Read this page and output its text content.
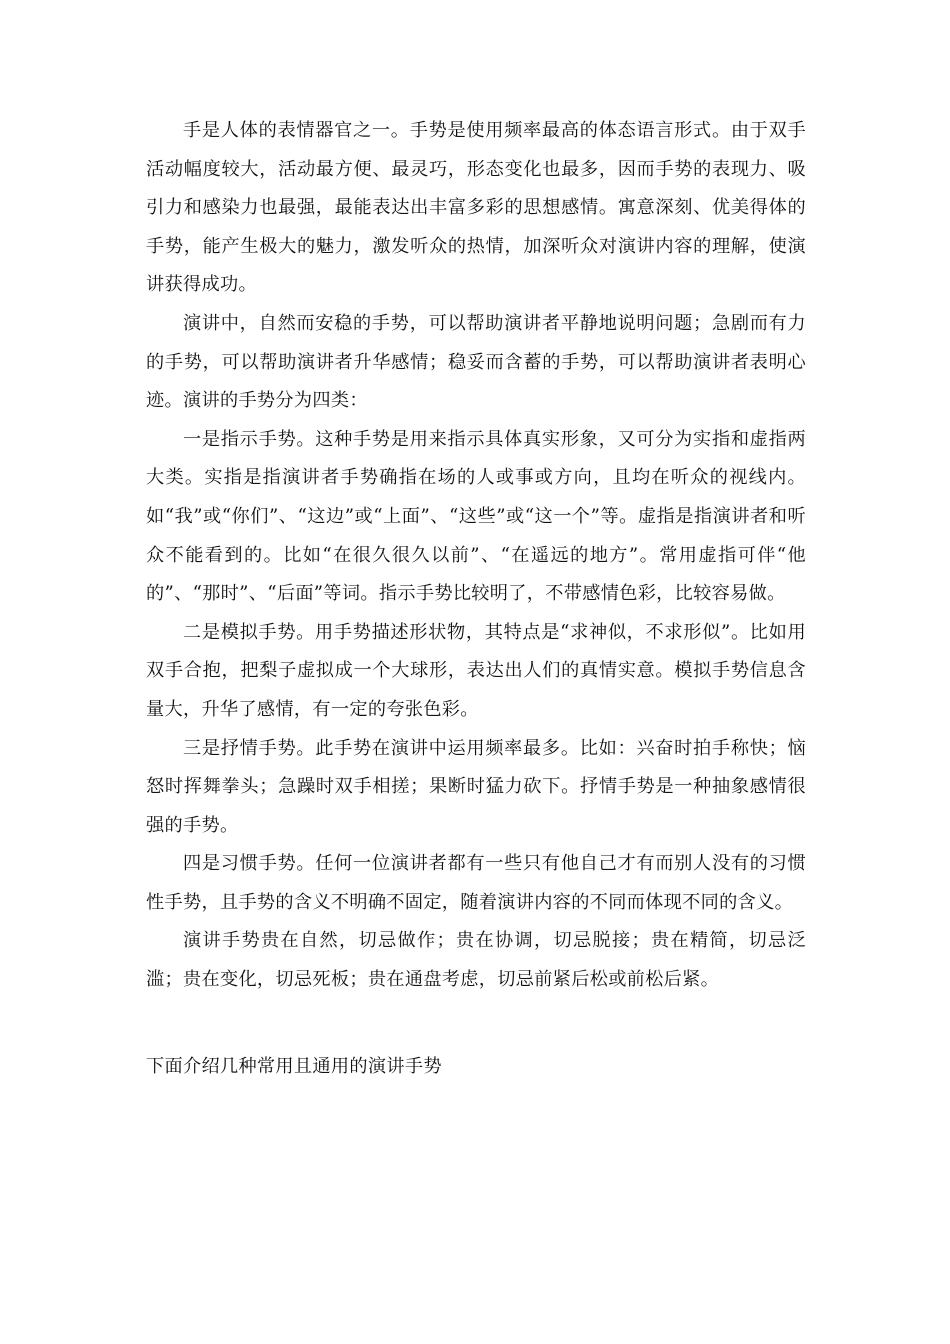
手是人体的表情器官之一。手势是使用频率最高的体态语言形式。由于双手活动幅度较大，活动最方便、最灵巧，形态变化也最多，因而手势的表现力、吸引力和感染力也最强，最能表达出丰富多彩的思想感情。寓意深刻、优美得体的手势，能产生极大的魅力，激发听众的热情，加深听众对演讲内容的理解，使演讲获得成功。

演讲中，自然而安稳的手势，可以帮助演讲者平静地说明问题；急剧而有力的手势，可以帮助演讲者升华感情；稳妥而含蓄的手势，可以帮助演讲者表明心迹。演讲的手势分为四类：

一是指示手势。这种手势是用来指示具体真实形象，又可分为实指和虚指两大类。实指是指演讲者手势确指在场的人或事或方向，且均在听众的视线内。如“我”或“你们”、“这边”或“上面”、“这些”或“这一个”等。虚指是指演讲者和听众不能看到的。比如“在很久很久以前”、“在遥远的地方”。常用虚指可伴“他的”、“那时”、“后面”等词。指示手势比较明了，不带感情色彩，比较容易做。

二是模拟手势。用手势描述形状物，其特点是“求神似，不求形似”。比如用双手合抱，把梨子虚拟成一个大球形，表达出人们的真情实意。模拟手势信息含量大，升华了感情，有一定的夸张色彩。

三是抒情手势。此手势在演讲中运用频率最多。比如：兴奋时拍手称快；恼怒时挥舞拳头；急躁时双手相搓；果断时猛力砍下。抒情手势是一种抽象感情很强的手势。

四是习惯手势。任何一位演讲者都有一些只有他自己才有而别人没有的习惯性手势，且手势的含义不明确不固定，随着演讲内容的不同而体现不同的含义。

演讲手势贵在自然，切忌做作；贵在协调，切忌脱接；贵在精简，切忌泛滥；贵在变化，切忌死板；贵在通盘考虑，切忌前紧后松或前松后紧。

下面介绍几种常用且通用的演讲手势
